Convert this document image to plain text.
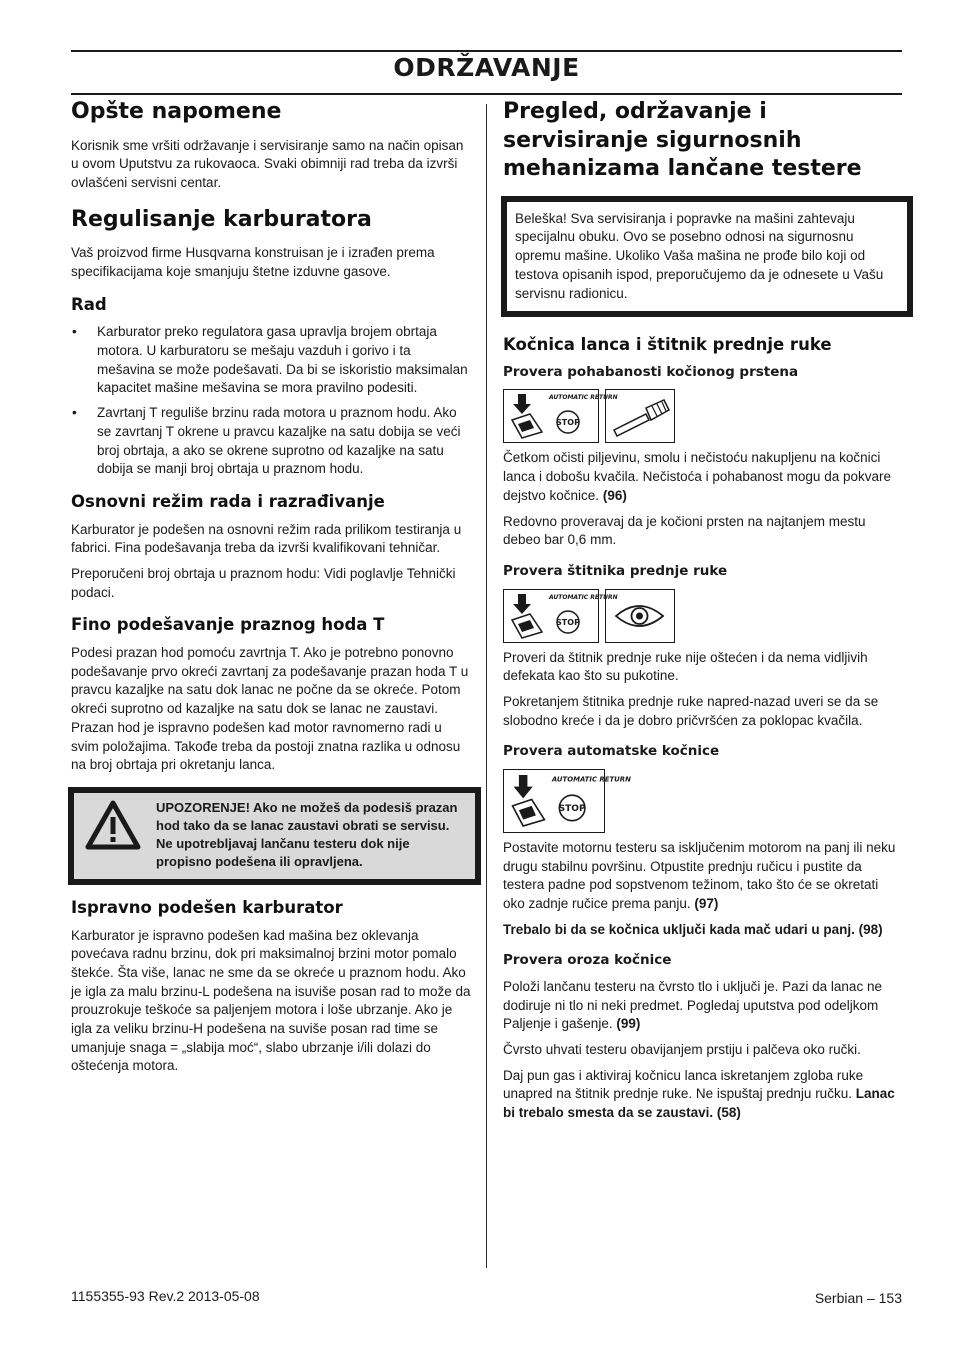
ODRŽAVANJE
Opšte napomene

Korisnik sme vršiti održavanje i servisiranje samo na način opisan u ovom Uputstvu za rukovaoca. Svaki obimniji rad treba da izvrši ovlašćeni servisni centar.

Regulisanje karburatora

Vaš proizvod firme Husqvarna konstruisan je i izrađen prema specifikacijama koje smanjuju štetne izduvne gasove.

Rad
• Karburator preko regulatora gasa upravlja brojem obrtaja motora. U karburatoru se mešaju vazduh i gorivo i ta mešavina se može podešavati. Da bi se iskoristio maksimalan kapacitet mašine mešavina se mora pravilno podesiti.
• Zavrtanj T reguliše brzinu rada motora u praznom hodu. Ako se zavrtanj T okrene u pravcu kazaljke na satu dobija se veći broj obrtaja, a ako se okrene suprotno od kazaljke na satu dobija se manji broj obrtaja u praznom hodu.
Osnovni režim rada i razrađivanje

Karburator je podešen na osnovni režim rada prilikom testiranja u fabrici. Fina podešavanja treba da izvrši kvalifikovani tehničar.

Preporučeni broj obrtaja u praznom hodu: Vidi poglavlje Tehnički podaci.

Fino podešavanje praznog hoda T

Podesi prazan hod pomoću zavrtnja T. Ako je potrebno ponovno podešavanje prvo okreći zavrtanj za podešavanje prazan hoda T u pravcu kazaljke na satu dok lanac ne počne da se okreće. Potom okreći suprotno od kazaljke na satu dok se lanac ne zaustavi. Prazan hod je ispravno podešen kad motor ravnomerno radi u svim položajima. Takođe treba da postoji znatna razlika u odnosu na broj obrtaja pri okretanju lanca.

UPOZORENJE! Ako ne možeš da podesiš prazan hod tako da se lanac zaustavi obrati se servisu. Ne upotrebljavaj lančanu testeru dok nije propisno podešena ili opravljena.

Ispravno podešen karburator

Karburator je ispravno podešen kad mašina bez oklevanja povećava radnu brzinu, dok pri maksimalnoj brzini motor pomalo štekće. Šta više, lanac ne sme da se okreće u praznom hodu. Ako je igla za malu brzinu-L podešena na isuviše posan rad to može da prouzrokuje teškoće sa paljenjem motora i loše ubrzanje. Ako je igla za veliku brzinu-H podešena na suviše posan rad time se umanjuje snaga = „slabija moć“, slabo ubrzanje i/ili dolazi do oštećenja motora.

Pregled, održavanje i servisiranje sigurnosnih mehanizama lančane testere

Beleška! Sva servisiranja i popravke na mašini zahtevaju specijalnu obuku. Ovo se posebno odnosi na sigurnosnu opremu mašine. Ukoliko Vaša mašina ne prođe bilo koji od testova opisanih ispod, preporučujemo da je odnesete u Vašu servisnu radionicu.

Kočnica lanca i štitnik prednje ruke
Provera pohabanosti kočionog prstena
AUTOMATIC RETURN
STOP

Četkom očisti piljevinu, smolu i nečistoću nakupljenu na kočnici lanca i dobošu kvačila. Nečistoća i pohabanost mogu da pokvare dejstvo kočnice. (96)

Redovno proveravaj da je kočioni prsten na najtanjem mestu debeo bar 0,6 mm.

Provera štitnika prednje ruke
AUTOMATIC RETURN
STOP

Proveri da štitnik prednje ruke nije oštećen i da nema vidljivih defekata kao što su pukotine.

Pokretanjem štitnika prednje ruke napred-nazad uveri se da se slobodno kreće i da je dobro pričvršćen za poklopac kvačila.

Provera automatske kočnice
AUTOMATIC RETURN
STOP

Postavite motornu testeru sa isključenim motorom na panj ili neku drugu stabilnu površinu. Otpustite prednju ručicu i pustite da testera padne pod sopstvenom težinom, tako što će se okretati oko zadnje ručice prema panju. (97)

Trebalo bi da se kočnica uključi kada mač udari u panj. (98)

Provera oroza kočnice

Položi lančanu testeru na čvrsto tlo i uključi je. Pazi da lanac ne dodiruje ni tlo ni neki predmet. Pogledaj uputstva pod odeljkom Paljenje i gašenje. (99)

Čvrsto uhvati testeru obavijanjem prstiju i palčeva oko ručki.

Daj pun gas i aktiviraj kočnicu lanca iskretanjem zgloba ruke unapred na štitnik prednje ruke. Ne ispuštaj prednju ručku. Lanac bi trebalo smesta da se zaustavi. (58)

1155355-93 Rev.2 2013-05-08	Serbian – 153
